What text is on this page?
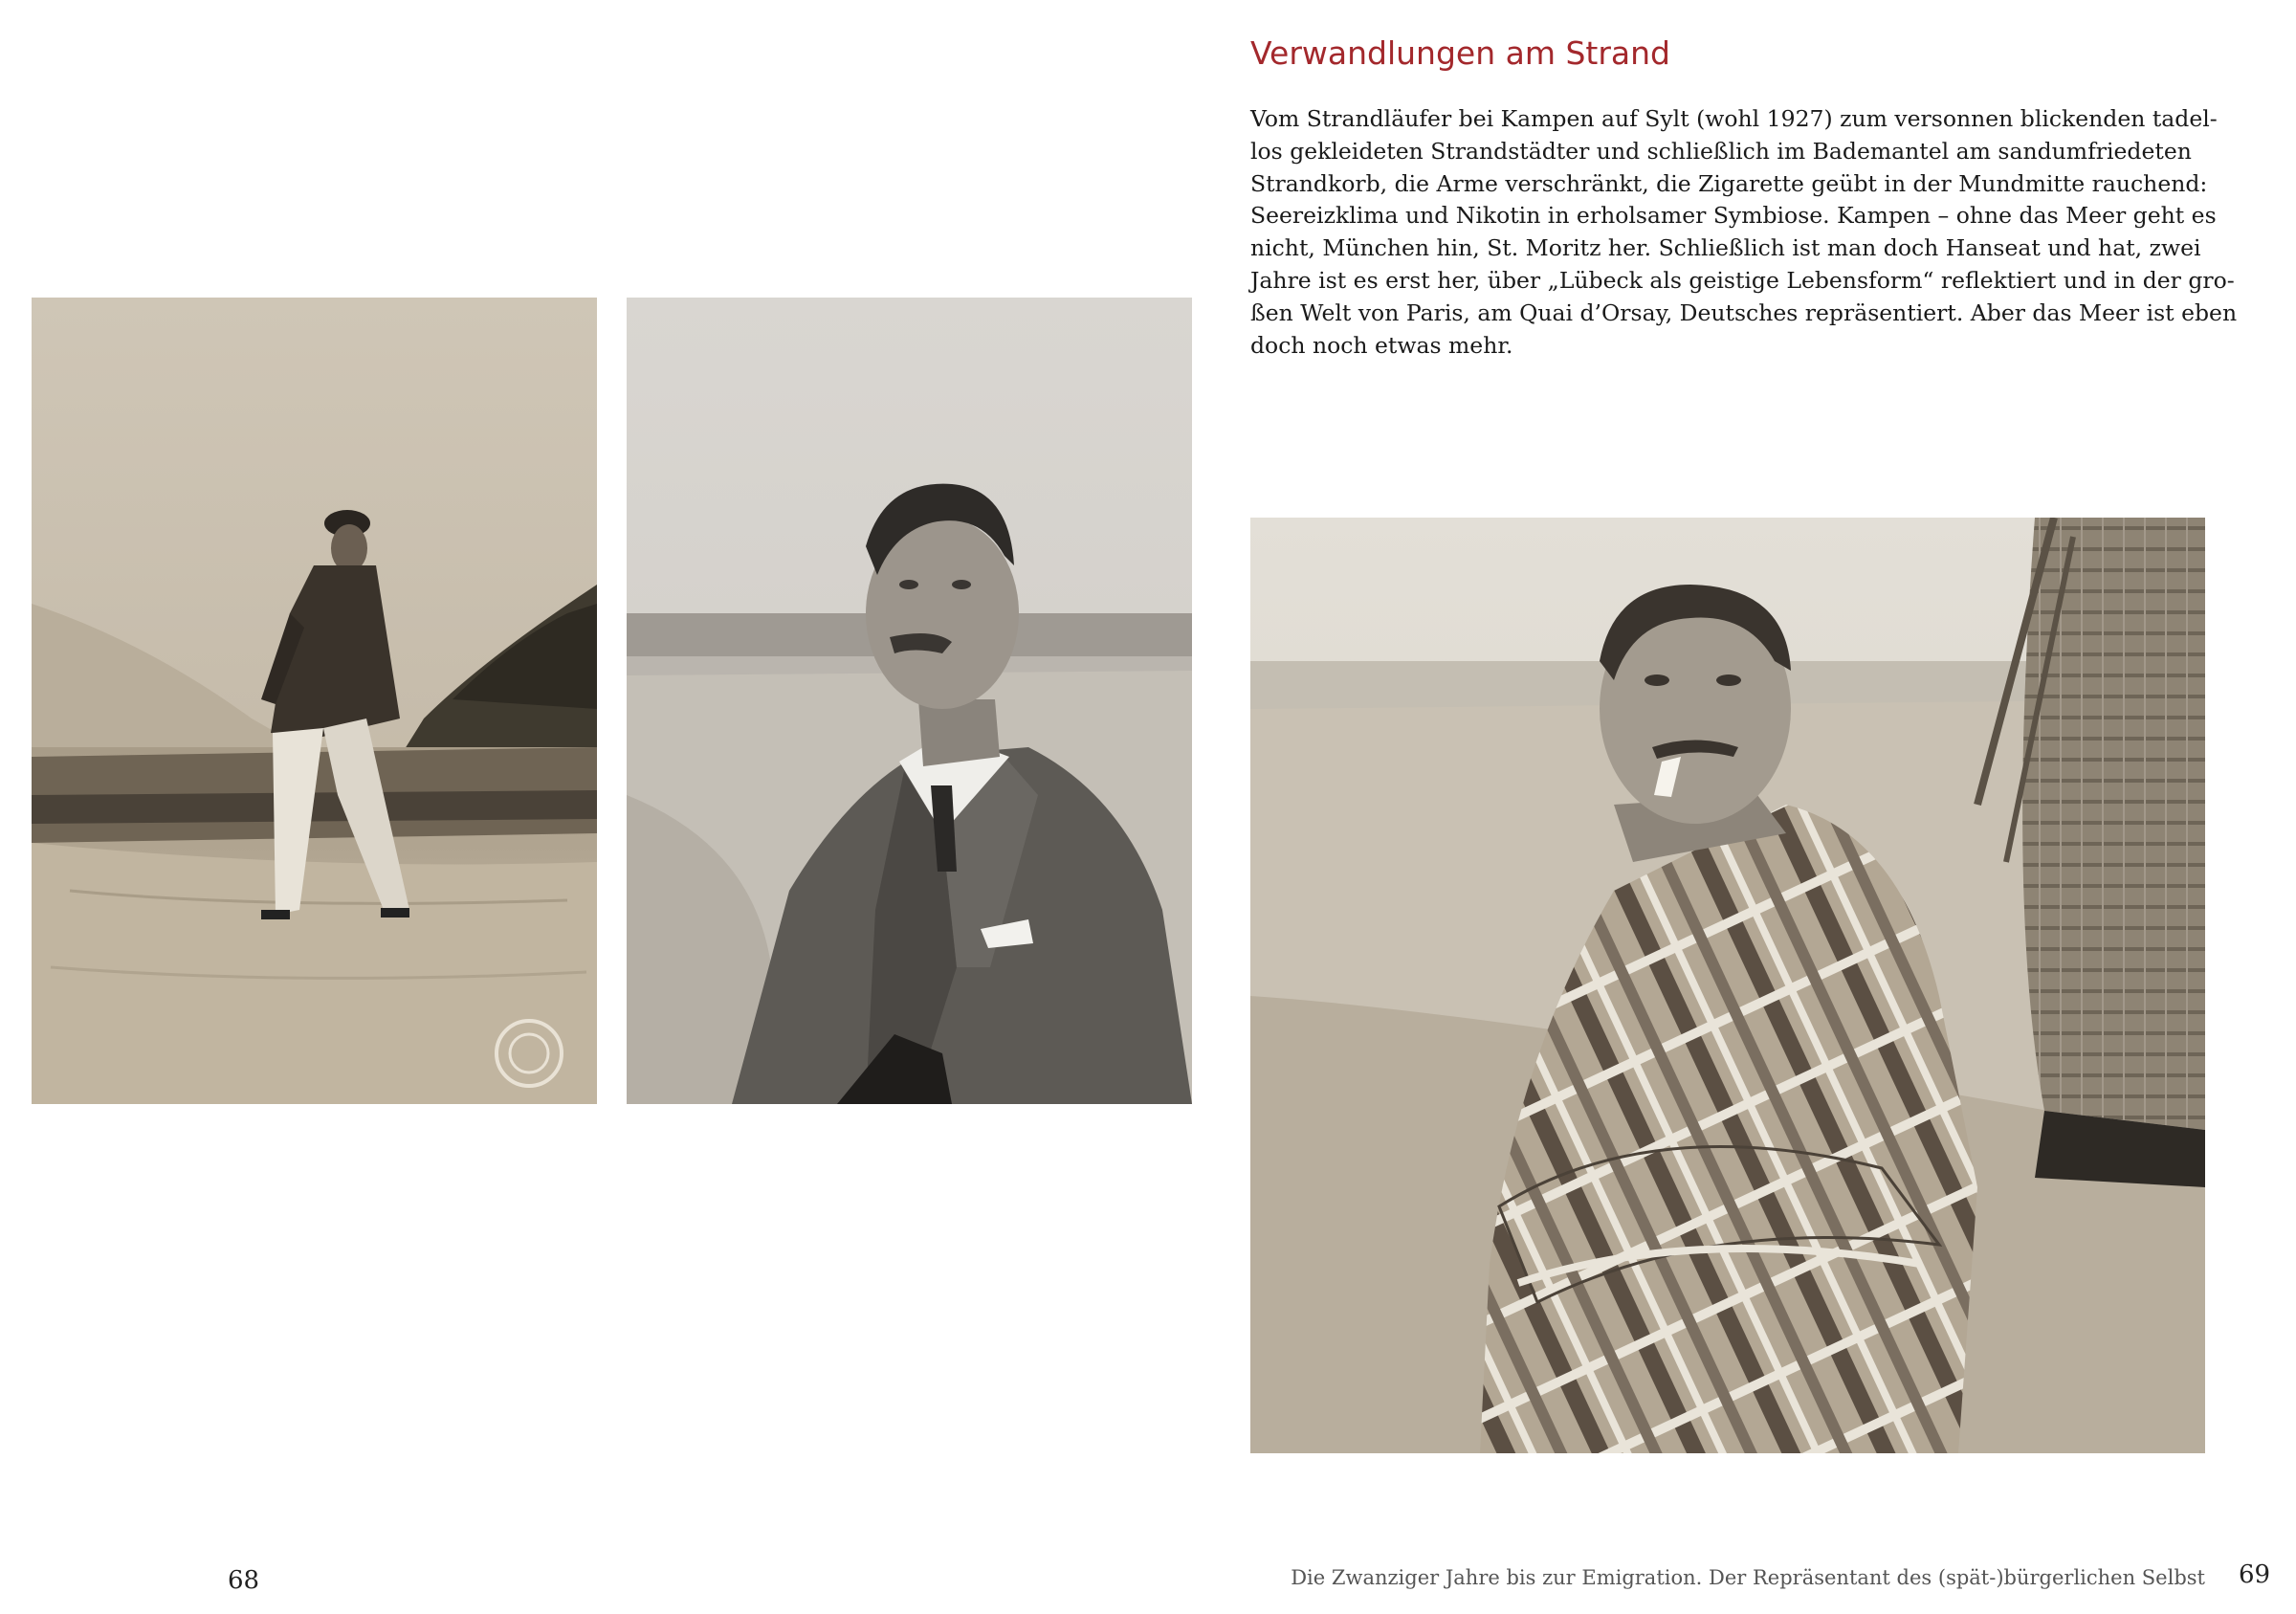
Verwandlungen am Strand

Vom Strandläufer bei Kampen auf Sylt (wohl 1927) zum versonnen blickenden tadel-
los gekleideten Strandstädter und schließlich im Bademantel am sandumfriedeten
Strandkorb, die Arme verschränkt, die Zigarette geübt in der Mundmitte rauchend:
Seereizklima und Nikotin in erholsamer Symbiose. Kampen – ohne das Meer geht es
nicht, München hin, St. Moritz her. Schließlich ist man doch Hanseat und hat, zwei
Jahre ist es erst her, über „Lübeck als geistige Lebensform“ reflektiert und in der gro-
ßen Welt von Paris, am Quai d’Orsay, Deutsches repräsentiert. Aber das Meer ist eben
doch noch etwas mehr.

68	Die Zwanziger Jahre bis zur Emigration. Der Repräsentant des (spät-)bürgerlichen Selbst 69
